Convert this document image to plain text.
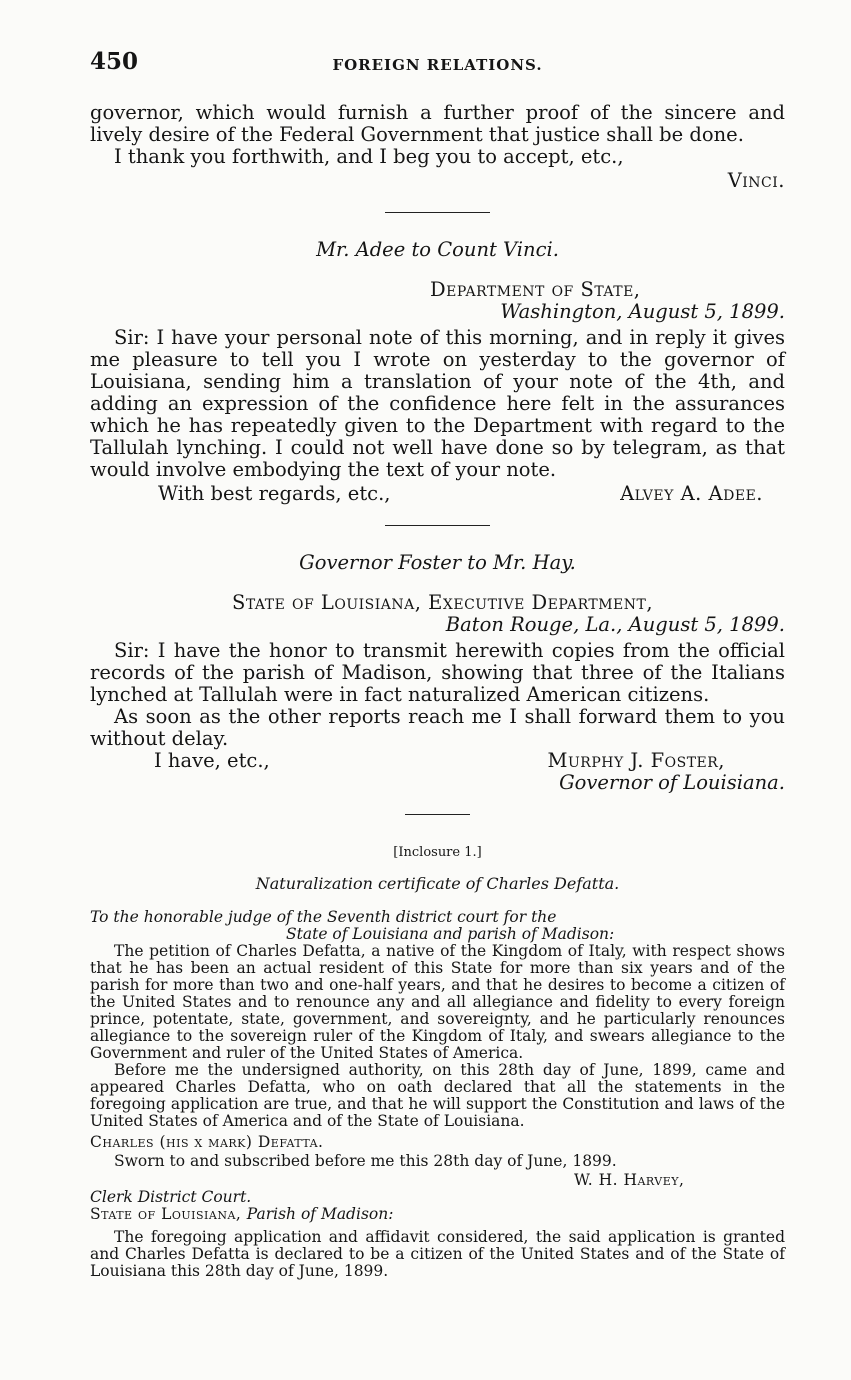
450	FOREIGN RELATIONS.

governor, which would furnish a further proof of the sincere and lively desire of the Federal Government that justice shall be done.

I thank you forthwith, and I beg you to accept, etc.,

Vinci.

Mr. Adee to Count Vinci.

Department of State,

Washington, August 5, 1899.

Sir: I have your personal note of this morning, and in reply it gives me pleasure to tell you I wrote on yesterday to the governor of Louisiana, sending him a translation of your note of the 4th, and adding an expression of the confidence here felt in the assurances which he has repeatedly given to the Department with regard to the Tallulah lynching. I could not well have done so by telegram, as that would involve embodying the text of your note.

With best regards, etc.,	Alvey A. Adee.

Governor Foster to Mr. Hay.

State of Louisiana, Executive Department,

Baton Rouge, La., August 5, 1899.

Sir: I have the honor to transmit herewith copies from the official records of the parish of Madison, showing that three of the Italians lynched at Tallulah were in fact naturalized American citizens.

As soon as the other reports reach me I shall forward them to you without delay.

I have, etc.,	Murphy J. Foster,

Governor of Louisiana.

[Inclosure 1.]

Naturalization certificate of Charles Defatta.

To the honorable judge of the Seventh district court for the

State of Louisiana and parish of Madison:

The petition of Charles Defatta, a native of the Kingdom of Italy, with respect shows that he has been an actual resident of this State for more than six years and of the parish for more than two and one-half years, and that he desires to become a citizen of the United States and to renounce any and all allegiance and fidelity to every foreign prince, potentate, state, government, and sovereignty, and he particularly renounces allegiance to the sovereign ruler of the Kingdom of Italy, and swears allegiance to the Government and ruler of the United States of America.

Before me the undersigned authority, on this 28th day of June, 1899, came and appeared Charles Defatta, who on oath declared that all the statements in the foregoing application are true, and that he will support the Constitution and laws of the United States of America and of the State of Louisiana.

Charles (his x mark) Defatta.

Sworn to and subscribed before me this 28th day of June, 1899.

W. H. Harvey,

Clerk District Court.

State of Louisiana, Parish of Madison:

The foregoing application and affidavit considered, the said application is granted and Charles Defatta is declared to be a citizen of the United States and of the State of Louisiana this 28th day of June, 1899.
